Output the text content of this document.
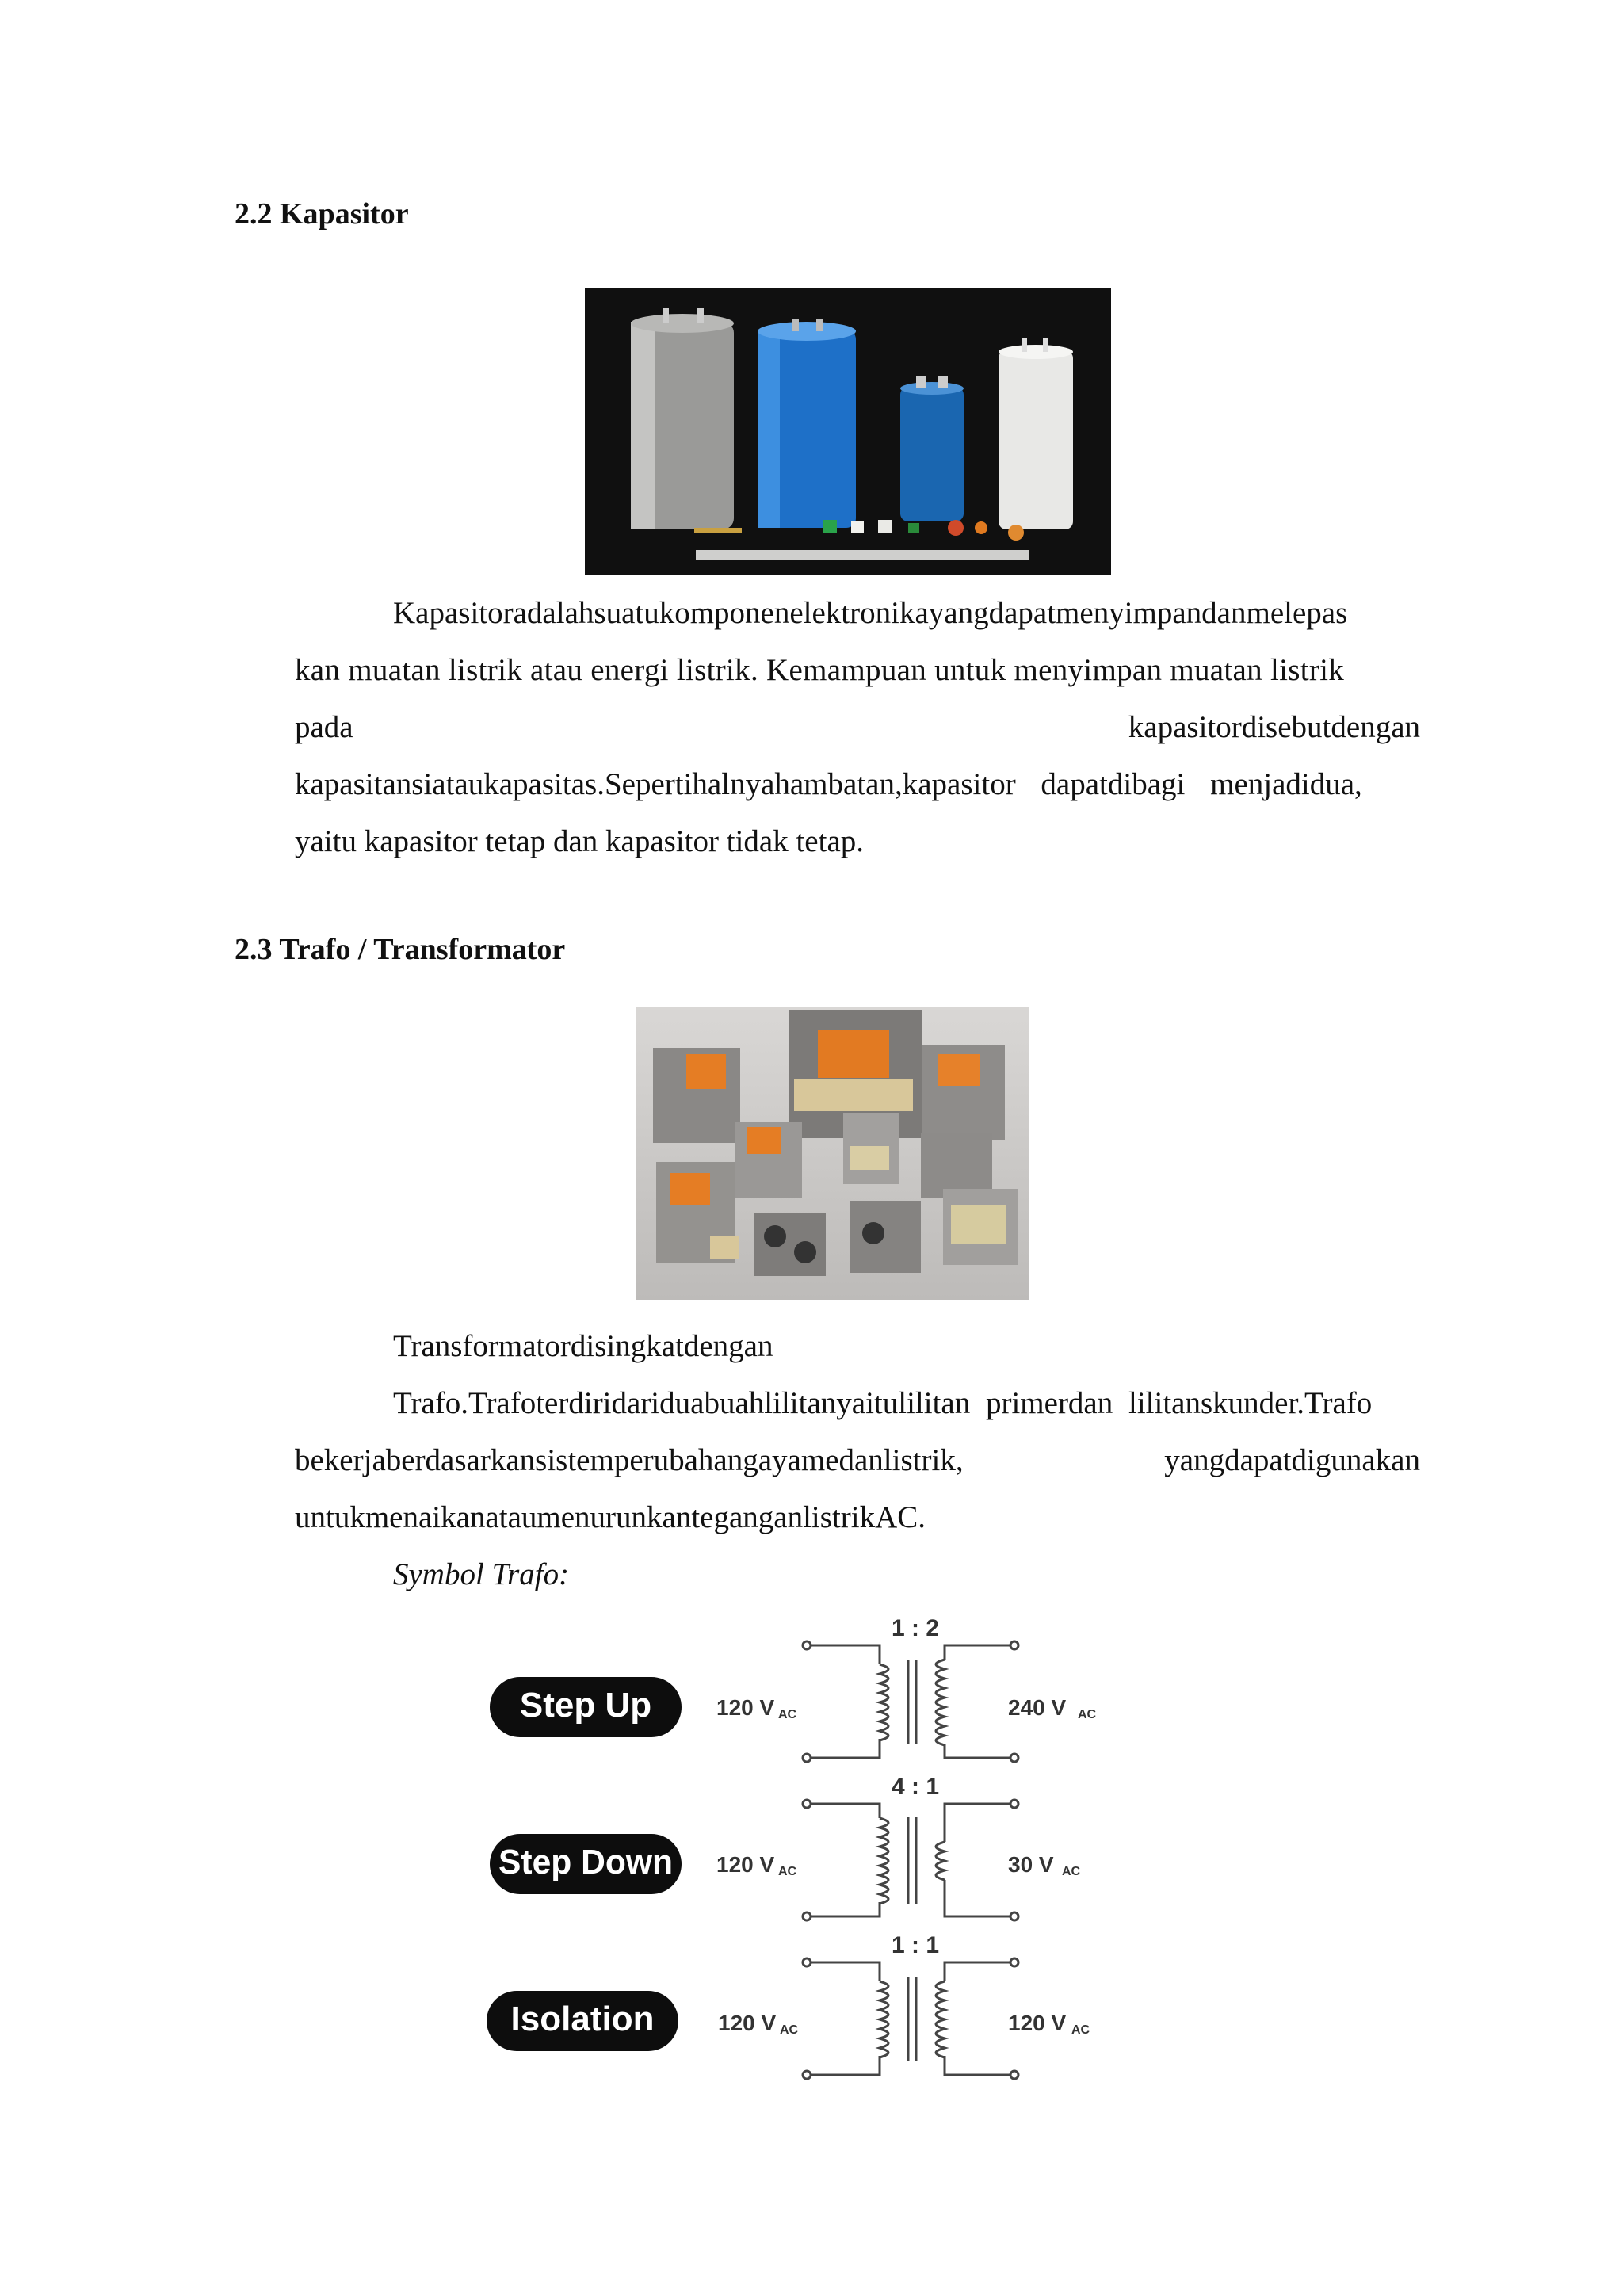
2.2 Kapasitor
Kapasitoradalahsuatukomponenelektronikayangdapatmenyimpandanmelepas
kan muatan listrik atau energi listrik. Kemampuan untuk menyimpan muatan listrik
pada	kapasitordisebutdengan
kapasitansiataukapasitas.Sepertihalnyahambatan,kapasitor dapatdibagi menjadidua,
yaitu kapasitor tetap dan kapasitor tidak tetap.
2.3 Trafo / Transformator
Transformatordisingkatdengan
Trafo.Trafoterdiridariduabuahlilitanyaitulilitan primerdan lilitanskunder.Trafo
bekerjaberdasarkansistemperubahangayamedanlistrik,	yangdapatdigunakan
untukmenaikanataumenurunkanteganganlistrikAC.
Symbol Trafo:
1 : 2
Step Up	120 V AC	240 V AC
4 : 1
Step Down 120 V AC	30 V AC
1 : 1
Isolation	120 V AC	120 V AC
